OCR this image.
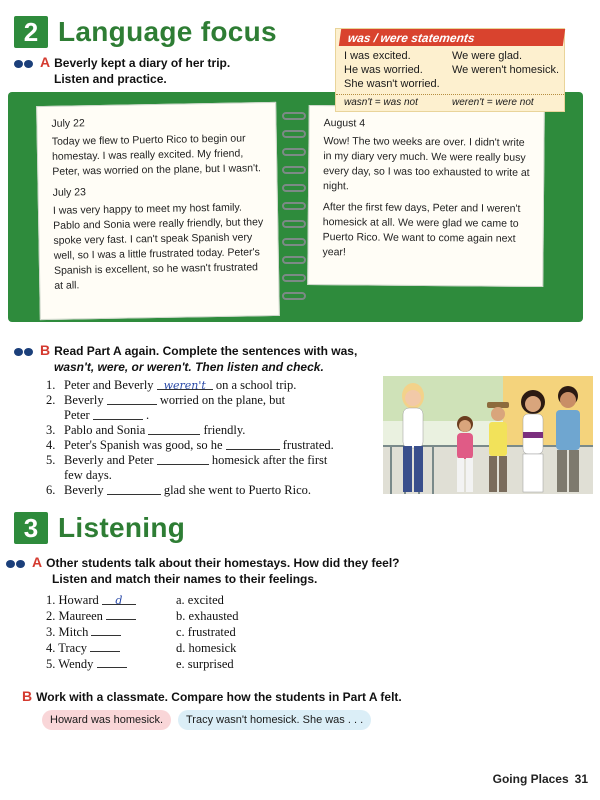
2 Language focus
A Beverly kept a diary of her trip.
Listen and practice.
July 22

Today we flew to Puerto Rico to begin our homestay. I was really excited. My friend, Peter, was worried on the plane, but I wasn't.

July 23

I was very happy to meet my host family. Pablo and Sonia were really friendly, but they spoke very fast. I can't speak Spanish very well, so I was a little frustrated today. Peter's Spanish is excellent, so he wasn't frustrated at all.

August 4

Wow! The two weeks are over. I didn't write in my diary very much. We were really busy every day, so I was too exhausted to write at night.

After the first few days, Peter and I weren't homesick at all. We were glad we came to Puerto Rico. We want to come again next year!

was / were statements
I was excited.	We were glad.
He was worried.	We weren't homesick.
She wasn't worried.
wasn't = was not	weren't = were not
B Read Part A again. Complete the sentences with was,
wasn't, were, or weren't. Then listen and check.
1. Peter and Beverly
weren't
on a school trip.
2. Beverly

	worried on the plane, but
Peter

	.
3. Pablo and Sonia

	friendly.
4. Peter's Spanish was good, so he

	frustrated.
5. Beverly and Peter

	homesick after the first
few days.
6. Beverly

	glad she went to Puerto Rico.
3 Listening
A Other students talk about their homestays. How did they feel?
Listen and match their names to their feelings.
1. Howard d
2. Maureen
3. Mitch
4. Tracy
5. Wendy
a. excited
b. exhausted
c. frustrated
d. homesick
e. surprised
B Work with a classmate. Compare how the students in Part A felt.
Howard was homesick.	Tracy wasn't homesick. She was . . .
Going Places 31
